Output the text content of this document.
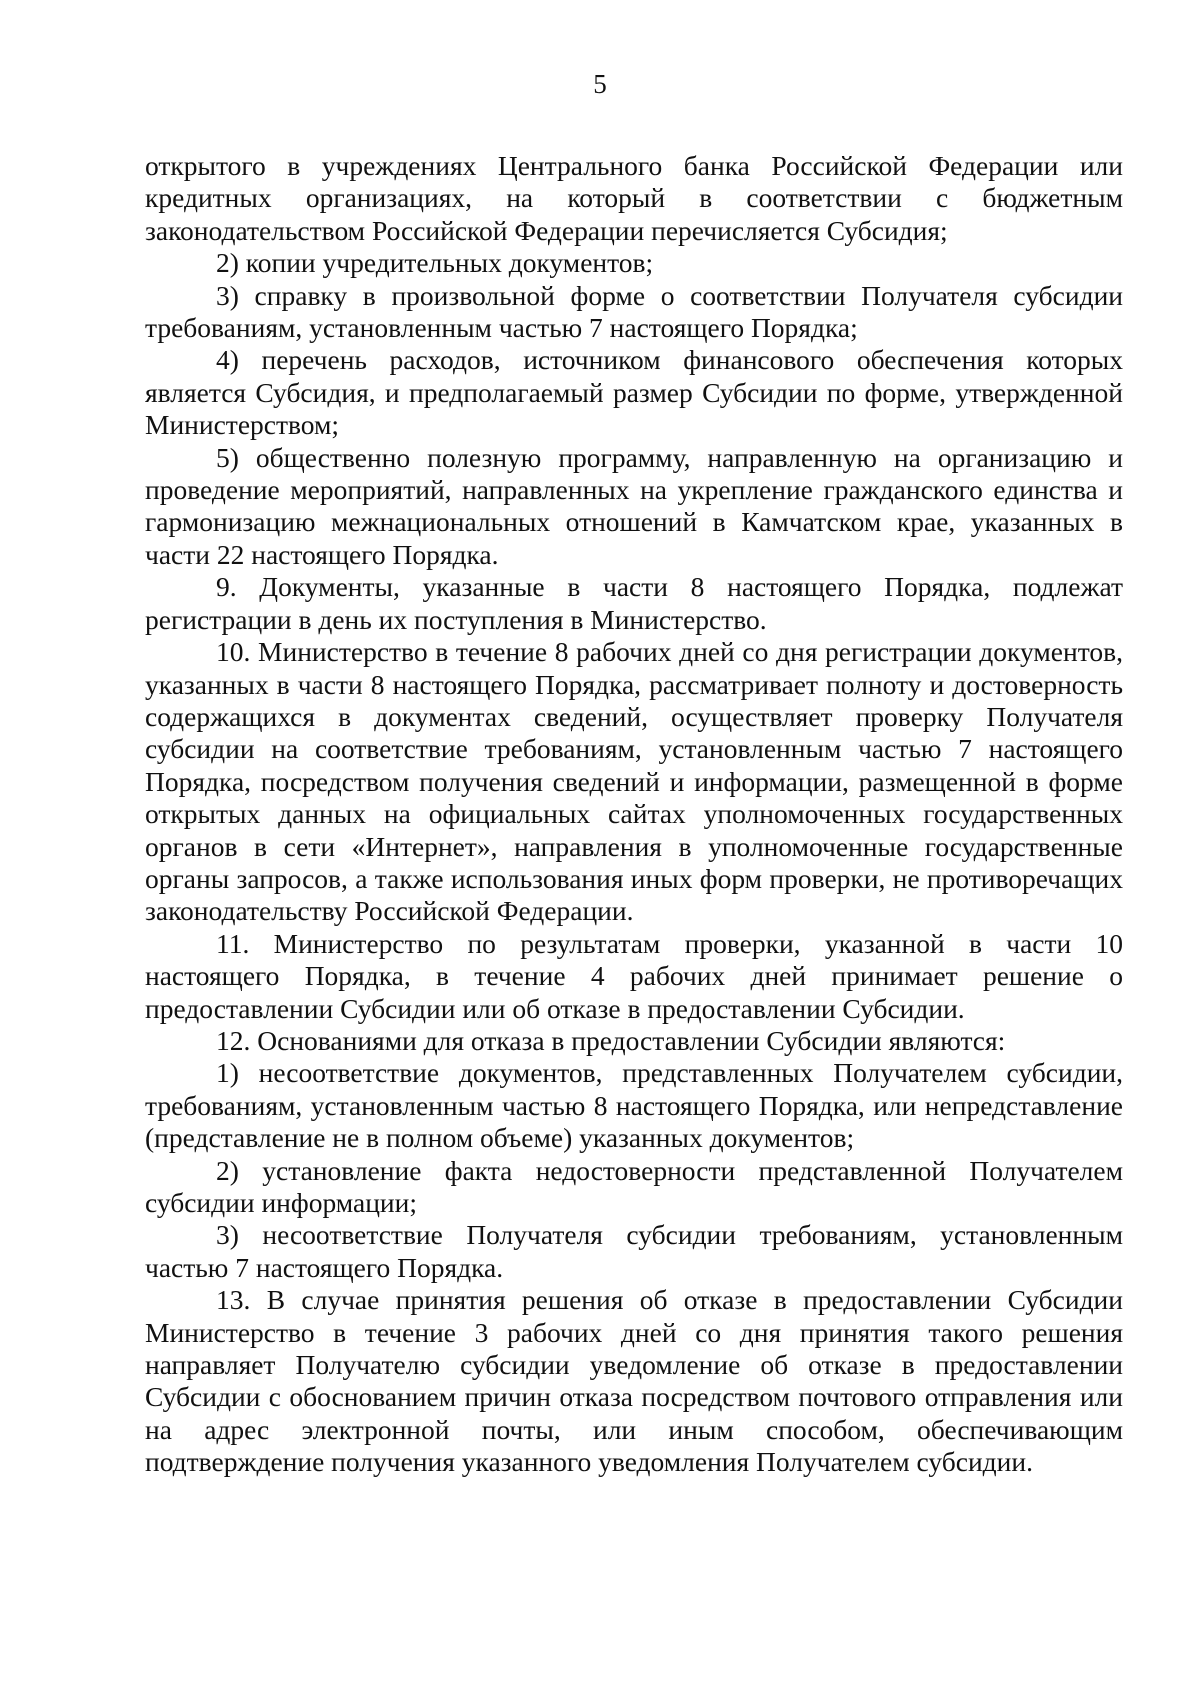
5

открытого в учреждениях Центрального банка Российской Федерации или кредитных организациях, на который в соответствии с бюджетным законодательством Российской Федерации перечисляется Субсидия;

2) копии учредительных документов;

3) справку в произвольной форме о соответствии Получателя субсидии требованиям, установленным частью 7 настоящего Порядка;

4) перечень расходов, источником финансового обеспечения которых является Субсидия, и предполагаемый размер Субсидии по форме, утвержденной Министерством;

5) общественно полезную программу, направленную на организацию и проведение мероприятий, направленных на укрепление гражданского единства и гармонизацию межнациональных отношений в Камчатском крае, указанных в части 22 настоящего Порядка.

9. Документы, указанные в части 8 настоящего Порядка, подлежат регистрации в день их поступления в Министерство.

10. Министерство в течение 8 рабочих дней со дня регистрации документов, указанных в части 8 настоящего Порядка, рассматривает полноту и достоверность содержащихся в документах сведений, осуществляет проверку Получателя субсидии на соответствие требованиям, установленным частью 7 настоящего Порядка, посредством получения сведений и информации, размещенной в форме открытых данных на официальных сайтах уполномоченных государственных органов в сети «Интернет», направления в уполномоченные государственные органы запросов, а также использования иных форм проверки, не противоречащих законодательству Российской Федерации.

11. Министерство по результатам проверки, указанной в части 10 настоящего Порядка, в течение 4 рабочих дней принимает решение о предоставлении Субсидии или об отказе в предоставлении Субсидии.

12. Основаниями для отказа в предоставлении Субсидии являются:

1) несоответствие документов, представленных Получателем субсидии, требованиям, установленным частью 8 настоящего Порядка, или непредставление (представление не в полном объеме) указанных документов;

2) установление факта недостоверности представленной Получателем субсидии информации;

3) несоответствие Получателя субсидии требованиям, установленным частью 7 настоящего Порядка.

13. В случае принятия решения об отказе в предоставлении Субсидии Министерство в течение 3 рабочих дней со дня принятия такого решения направляет Получателю субсидии уведомление об отказе в предоставлении Субсидии с обоснованием причин отказа посредством почтового отправления или на адрес электронной почты, или иным способом, обеспечивающим подтверждение получения указанного уведомления Получателем субсидии.
